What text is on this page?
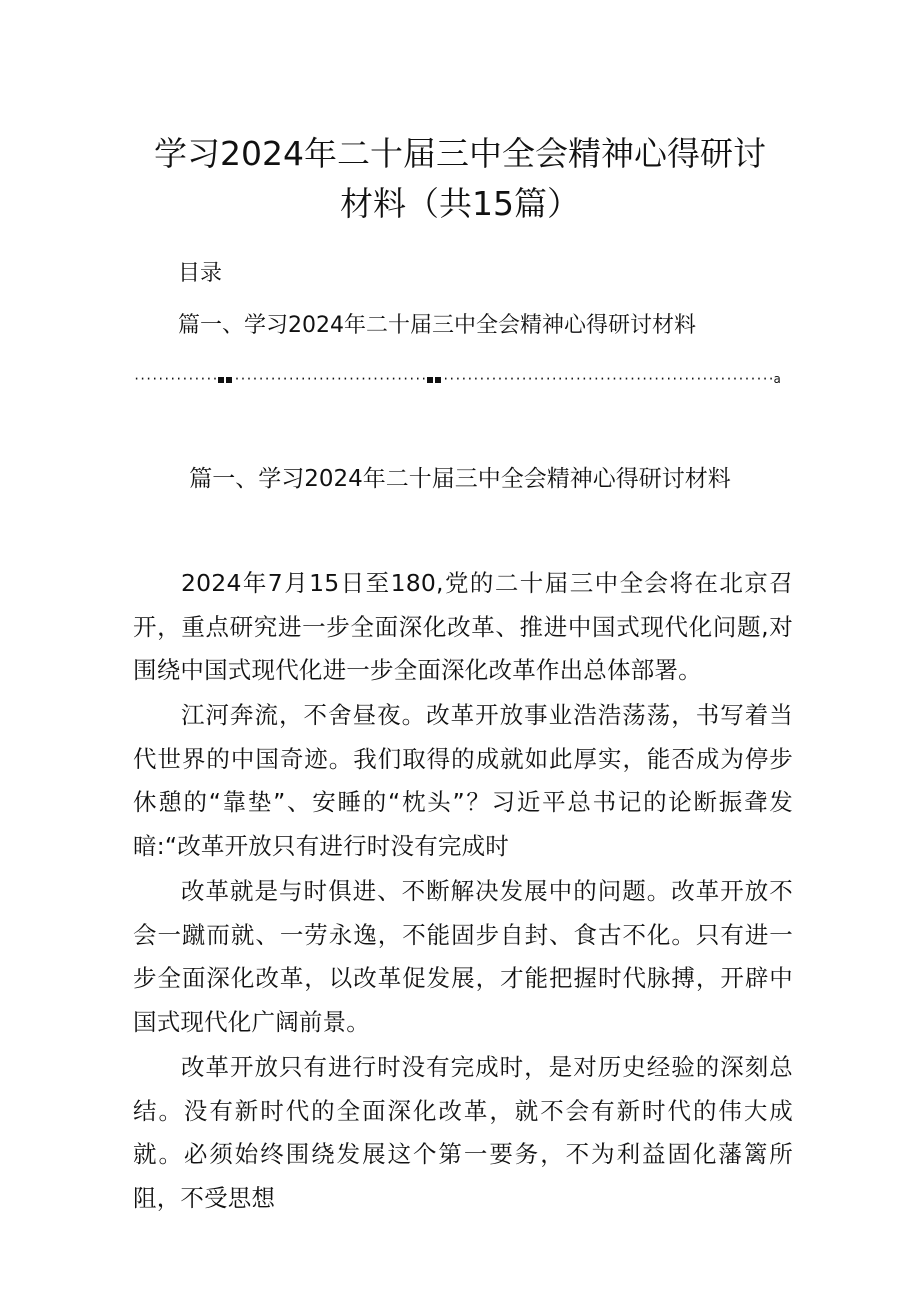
学习2024年二十届三中全会精神心得研讨
材料（共15篇）
目录
篇一、学习2024年二十届三中全会精神心得研讨材料
·············· ································ ·······················································a
篇一、学习2024年二十届三中全会精神心得研讨材料

2024年7月15日至180,党的二十届三中全会将在北京召开，重点研究进一步全面深化改革、推进中国式现代化问题,对围绕中国式现代化进一步全面深化改革作出总体部署。

江河奔流，不舍昼夜。改革开放事业浩浩荡荡，书写着当代世界的中国奇迹。我们取得的成就如此厚实，能否成为停步休憩的“靠垫”、安睡的“枕头”？习近平总书记的论断振聋发暗:“改革开放只有进行时没有完成时

改革就是与时俱进、不断解决发展中的问题。改革开放不会一蹴而就、一劳永逸，不能固步自封、食古不化。只有进一步全面深化改革，以改革促发展，才能把握时代脉搏，开辟中国式现代化广阔前景。

改革开放只有进行时没有完成时，是对历史经验的深刻总结。没有新时代的全面深化改革，就不会有新时代的伟大成就。必须始终围绕发展这个第一要务，不为利益固化藩篱所阻，不受思想
